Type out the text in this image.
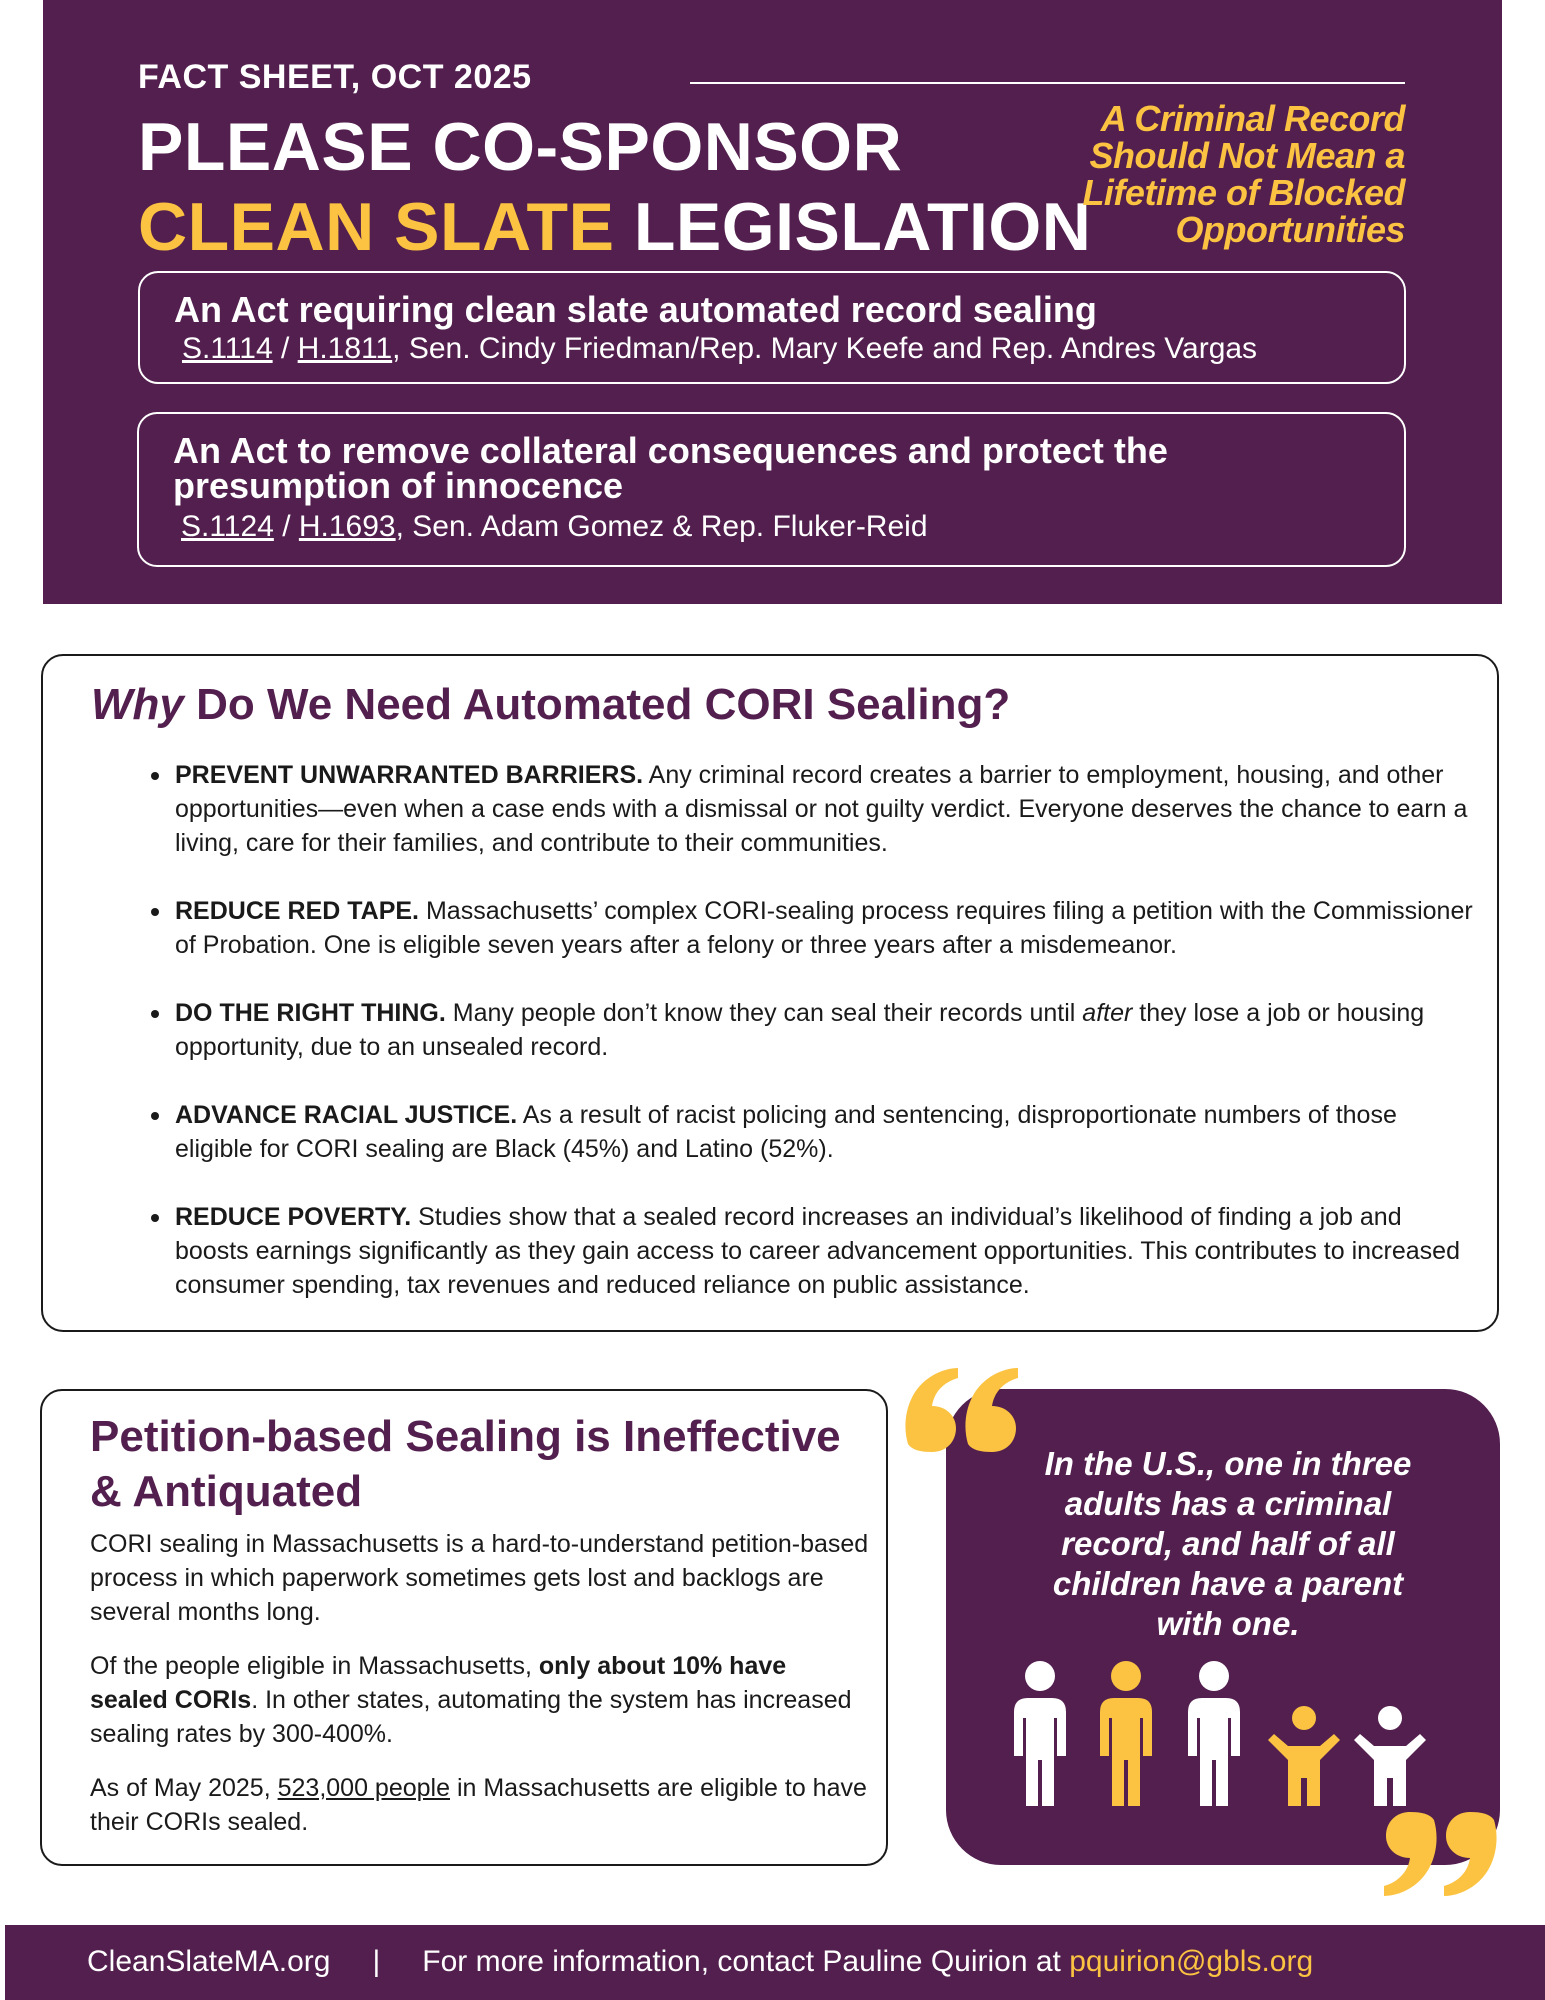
FACT SHEET, OCT 2025
PLEASE CO-SPONSOR
CLEAN SLATE LEGISLATION
A Criminal Record Should Not Mean a Lifetime of Blocked Opportunities
An Act requiring clean slate automated record sealing
S.1114 / H.1811, Sen. Cindy Friedman/Rep. Mary Keefe and Rep. Andres Vargas
An Act to remove collateral consequences and protect the presumption of innocence
S.1124 / H.1693, Sen. Adam Gomez & Rep. Fluker-Reid
Why Do We Need Automated CORI Sealing?
PREVENT UNWARRANTED BARRIERS. Any criminal record creates a barrier to employment, housing, and other opportunities—even when a case ends with a dismissal or not guilty verdict. Everyone deserves the chance to earn a living, care for their families, and contribute to their communities.
REDUCE RED TAPE. Massachusetts’ complex CORI-sealing process requires filing a petition with the Commissioner of Probation. One is eligible seven years after a felony or three years after a misdemeanor.
DO THE RIGHT THING. Many people don’t know they can seal their records until after they lose a job or housing opportunity, due to an unsealed record.
ADVANCE RACIAL JUSTICE. As a result of racist policing and sentencing, disproportionate numbers of those eligible for CORI sealing are Black (45%) and Latino (52%).
REDUCE POVERTY. Studies show that a sealed record increases an individual’s likelihood of finding a job and boosts earnings significantly as they gain access to career advancement opportunities. This contributes to increased consumer spending, tax revenues and reduced reliance on public assistance.
Petition-based Sealing is Ineffective & Antiquated
CORI sealing in Massachusetts is a hard-to-understand petition-based process in which paperwork sometimes gets lost and backlogs are several months long.
Of the people eligible in Massachusetts, only about 10% have sealed CORIs. In other states, automating the system has increased sealing rates by 300-400%.
As of May 2025, 523,000 people in Massachusetts are eligible to have their CORIs sealed.
In the U.S., one in three adults has a criminal record, and half of all children have a parent with one.
CleanSlateMA.org | For more information, contact Pauline Quirion at pquirion@gbls.org
